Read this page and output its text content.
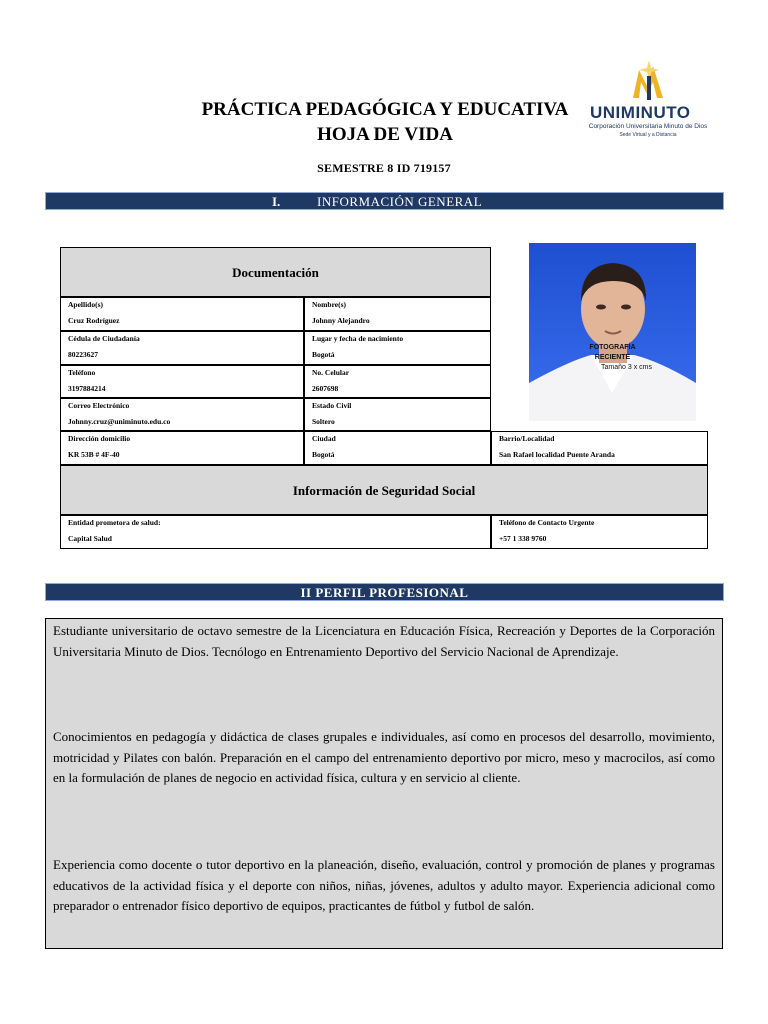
PRÁCTICA PEDAGÓGICA Y EDUCATIVA
HOJA DE VIDA
SEMESTRE 8 ID 719157
UNIMINUTO
Corporación Universitaria Minuto de Dios
Sede Virtual y a Distancia
I.	INFORMACIÓN GENERAL
Documentación
Apellido(s)
Cruz Rodríguez
Nombre(s)
Johnny Alejandro
Cédula de Ciudadanía
80223627
Lugar y fecha de nacimiento
Bogotá
Teléfono
3197884214
No. Celular
2607698
Correo Electrónico
Johnny.cruz@uniminuto.edu.co
Estado Civil
Soltero
Dirección domicilio
KR 53B # 4F-40
Ciudad
Bogotá
Barrio/Localidad
San Rafael localidad Puente Aranda
Información de Seguridad Social
Entidad prometora de salud:
Capital Salud
Teléfono de Contacto Urgente
+57 1 338 9760
FOTOGRAFÍA
RECIENTE
Tamaño 3 x cms
II PERFIL PROFESIONAL
Estudiante universitario de octavo semestre de la Licenciatura en Educación Física, Recreación y Deportes de la Corporación Universitaria Minuto de Dios. Tecnólogo en Entrenamiento Deportivo del Servicio Nacional de Aprendizaje.
Conocimientos en pedagogía y didáctica de clases grupales e individuales, así como en procesos del desarrollo, movimiento, motricidad y Pilates con balón. Preparación en el campo del entrenamiento deportivo por micro, meso y macrocilos, así como en la formulación de planes de negocio en actividad física, cultura y en servicio al cliente.
Experiencia como docente o tutor deportivo en la planeación, diseño, evaluación, control y promoción de planes y programas educativos de la actividad física y el deporte con niños, niñas, jóvenes, adultos y adulto mayor. Experiencia adicional como preparador o entrenador físico deportivo de equipos, practicantes de fútbol y futbol de salón.
